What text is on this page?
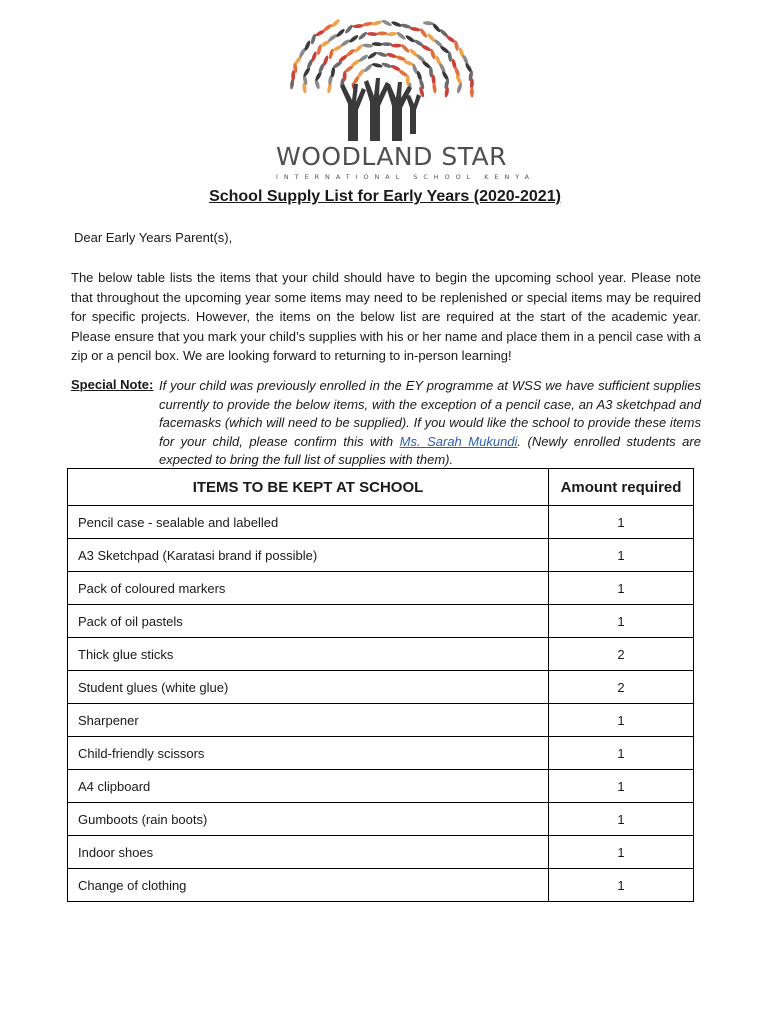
WOODLAND STAR
INTERNATIONAL SCHOOL KENYA
School Supply List for Early Years (2020-2021)
Dear Early Years Parent(s),
The below table lists the items that your child should have to begin the upcoming school year. Please note that throughout the upcoming year some items may need to be replenished or special items may be required for specific projects. However, the items on the below list are required at the start of the academic year. Please ensure that you mark your child’s supplies with his or her name and place them in a pencil case with a zip or a pencil box. We are looking forward to returning to in-person learning!
Special Note: If your child was previously enrolled in the EY programme at WSS we have sufficient supplies currently to provide the below items, with the exception of a pencil case, an A3 sketchpad and facemasks (which will need to be supplied). If you would like the school to provide these items for your child, please confirm this with Ms. Sarah Mukundi. (Newly enrolled students are expected to bring the full list of supplies with them).
ITEMS TO BE KEPT AT SCHOOL	Amount required
Pencil case - sealable and labelled	1
A3 Sketchpad (Karatasi brand if possible)	1
Pack of coloured markers	1
Pack of oil pastels	1
Thick glue sticks	2
Student glues (white glue)	2
Sharpener	1
Child-friendly scissors	1
A4 clipboard	1
Gumboots (rain boots)	1
Indoor shoes	1
Change of clothing	1
